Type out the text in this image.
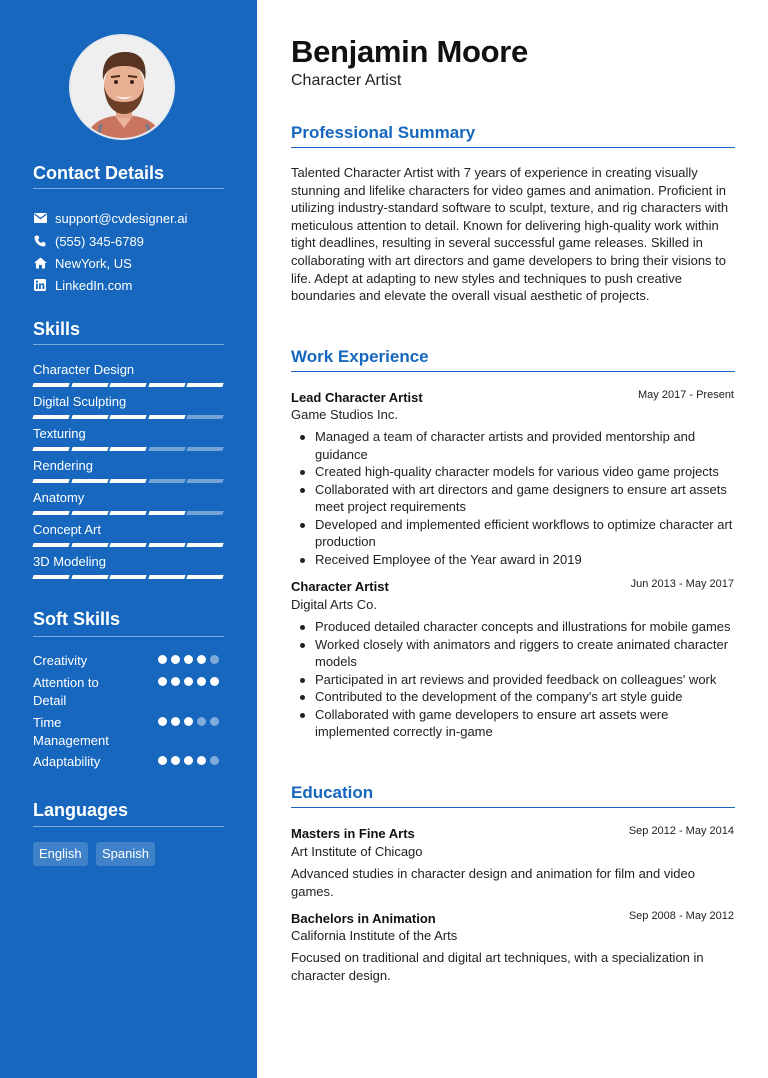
Contact Details
support@cvdesigner.ai
(555) 345-6789
NewYork, US
LinkedIn.com
Skills
Character Design
Digital Sculpting
Texturing
Rendering
Anatomy
Concept Art
3D Modeling
Soft Skills
Creativity
Attention to Detail
Time Management
Adaptability
Languages
English	Spanish
Benjamin Moore
Character Artist
Professional Summary
Talented Character Artist with 7 years of experience in creating visually stunning and lifelike characters for video games and animation. Proficient in utilizing industry-standard software to sculpt, texture, and rig characters with meticulous attention to detail. Known for delivering high-quality work within tight deadlines, resulting in several successful game releases. Skilled in collaborating with art directors and game developers to bring their visions to life. Adept at adapting to new styles and techniques to push creative boundaries and elevate the overall visual aesthetic of projects.
Work Experience
Lead Character Artist	May 2017 - Present
Game Studios Inc.
Managed a team of character artists and provided mentorship and guidance
Created high-quality character models for various video game projects
Collaborated with art directors and game designers to ensure art assets meet project requirements
Developed and implemented efficient workflows to optimize character art production
Received Employee of the Year award in 2019
Character Artist	Jun 2013 - May 2017
Digital Arts Co.
Produced detailed character concepts and illustrations for mobile games
Worked closely with animators and riggers to create animated character models
Participated in art reviews and provided feedback on colleagues' work
Contributed to the development of the company's art style guide
Collaborated with game developers to ensure art assets were implemented correctly in-game
Education
Masters in Fine Arts	Sep 2012 - May 2014
Art Institute of Chicago
Advanced studies in character design and animation for film and video games.
Bachelors in Animation	Sep 2008 - May 2012
California Institute of the Arts
Focused on traditional and digital art techniques, with a specialization in character design.
